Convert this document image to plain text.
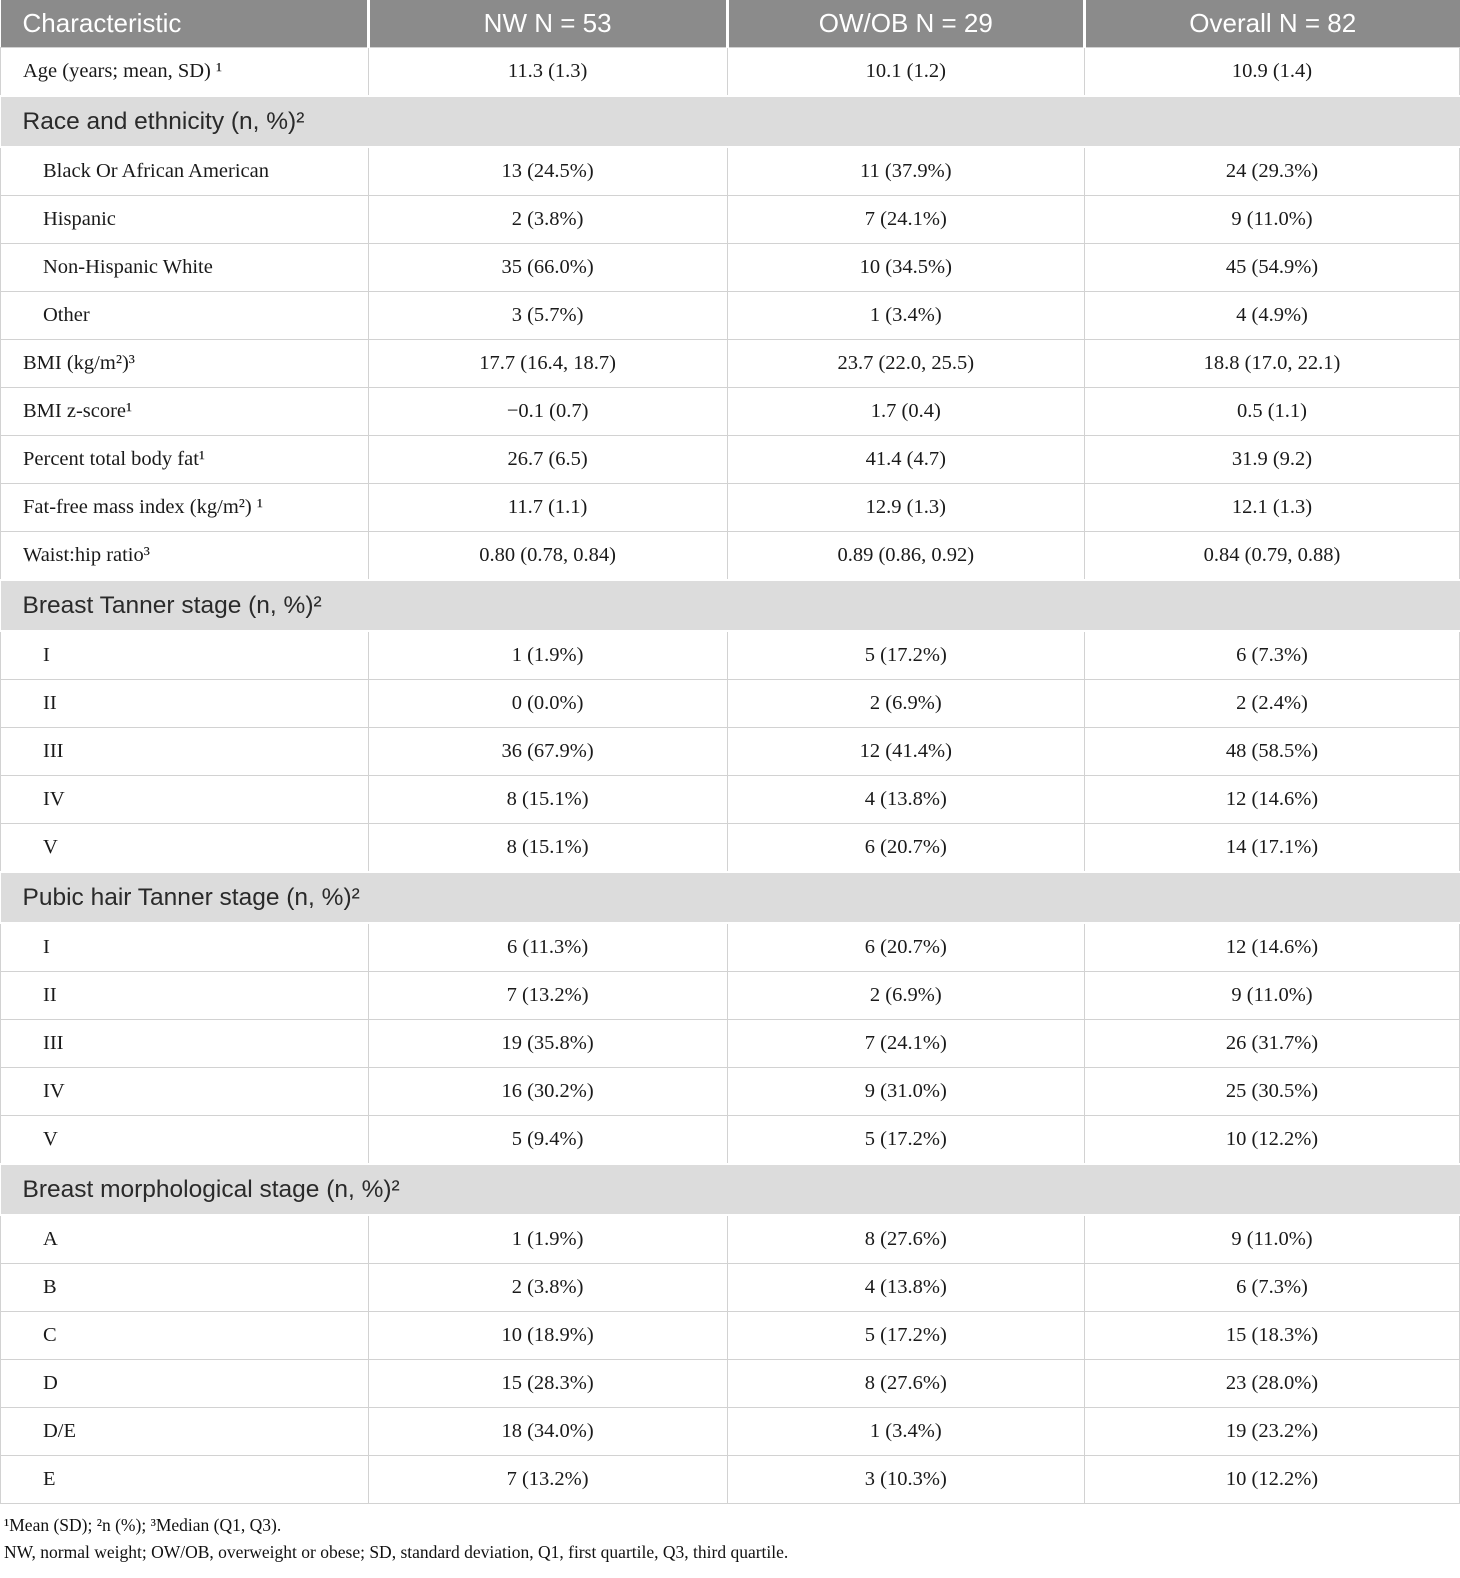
Characteristic	NW N = 53	OW/OB N = 29	Overall N = 82
Age (years; mean, SD) ¹	11.3 (1.3)	10.1 (1.2)	10.9 (1.4)
Race and ethnicity (n, %)²			
Black Or African American	13 (24.5%)	11 (37.9%)	24 (29.3%)
Hispanic	2 (3.8%)	7 (24.1%)	9 (11.0%)
Non-Hispanic White	35 (66.0%)	10 (34.5%)	45 (54.9%)
Other	3 (5.7%)	1 (3.4%)	4 (4.9%)
BMI (kg/m²)³	17.7 (16.4, 18.7)	23.7 (22.0, 25.5)	18.8 (17.0, 22.1)
BMI z-score¹	−0.1 (0.7)	1.7 (0.4)	0.5 (1.1)
Percent total body fat¹	26.7 (6.5)	41.4 (4.7)	31.9 (9.2)
Fat-free mass index (kg/m²) ¹	11.7 (1.1)	12.9 (1.3)	12.1 (1.3)
Waist:hip ratio³	0.80 (0.78, 0.84)	0.89 (0.86, 0.92)	0.84 (0.79, 0.88)
Breast Tanner stage (n, %)²			
I	1 (1.9%)	5 (17.2%)	6 (7.3%)
II	0 (0.0%)	2 (6.9%)	2 (2.4%)
III	36 (67.9%)	12 (41.4%)	48 (58.5%)
IV	8 (15.1%)	4 (13.8%)	12 (14.6%)
V	8 (15.1%)	6 (20.7%)	14 (17.1%)
Pubic hair Tanner stage (n, %)²			
I	6 (11.3%)	6 (20.7%)	12 (14.6%)
II	7 (13.2%)	2 (6.9%)	9 (11.0%)
III	19 (35.8%)	7 (24.1%)	26 (31.7%)
IV	16 (30.2%)	9 (31.0%)	25 (30.5%)
V	5 (9.4%)	5 (17.2%)	10 (12.2%)
Breast morphological stage (n, %)²			
A	1 (1.9%)	8 (27.6%)	9 (11.0%)
B	2 (3.8%)	4 (13.8%)	6 (7.3%)
C	10 (18.9%)	5 (17.2%)	15 (18.3%)
D	15 (28.3%)	8 (27.6%)	23 (28.0%)
D/E	18 (34.0%)	1 (3.4%)	19 (23.2%)
E	7 (13.2%)	3 (10.3%)	10 (12.2%)

¹Mean (SD); ²n (%); ³Median (Q1, Q3).

NW, normal weight; OW/OB, overweight or obese; SD, standard deviation, Q1, first quartile, Q3, third quartile.
